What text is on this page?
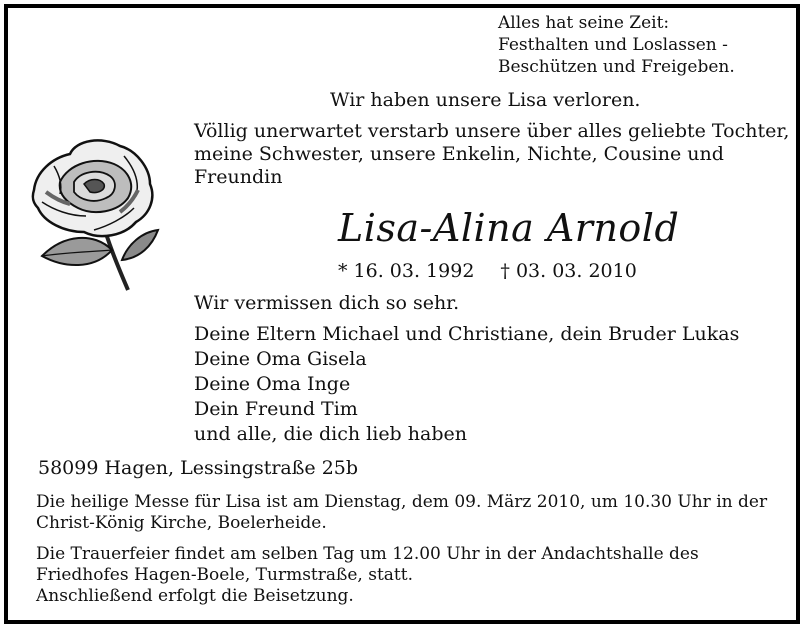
Alles hat seine Zeit:
Festhalten und Loslassen -
Beschützen und Freigeben.
Wir haben unsere Lisa verloren.
Völlig unerwartet verstarb unsere über alles geliebte Tochter,
meine Schwester, unsere Enkelin, Nichte, Cousine und
Freundin
Lisa-Alina Arnold
* 16. 03. 1992 † 03. 03. 2010
Wir vermissen dich so sehr.
Deine Eltern Michael und Christiane, dein Bruder Lukas
Deine Oma Gisela
Deine Oma Inge
Dein Freund Tim
und alle, die dich lieb haben
58099 Hagen, Lessingstraße 25b
Die heilige Messe für Lisa ist am Dienstag, dem 09. März 2010, um 10.30 Uhr in der
Christ-König Kirche, Boelerheide.
Die Trauerfeier findet am selben Tag um 12.00 Uhr in der Andachtshalle des
Friedhofes Hagen-Boele, Turmstraße, statt.
Anschließend erfolgt die Beisetzung.
